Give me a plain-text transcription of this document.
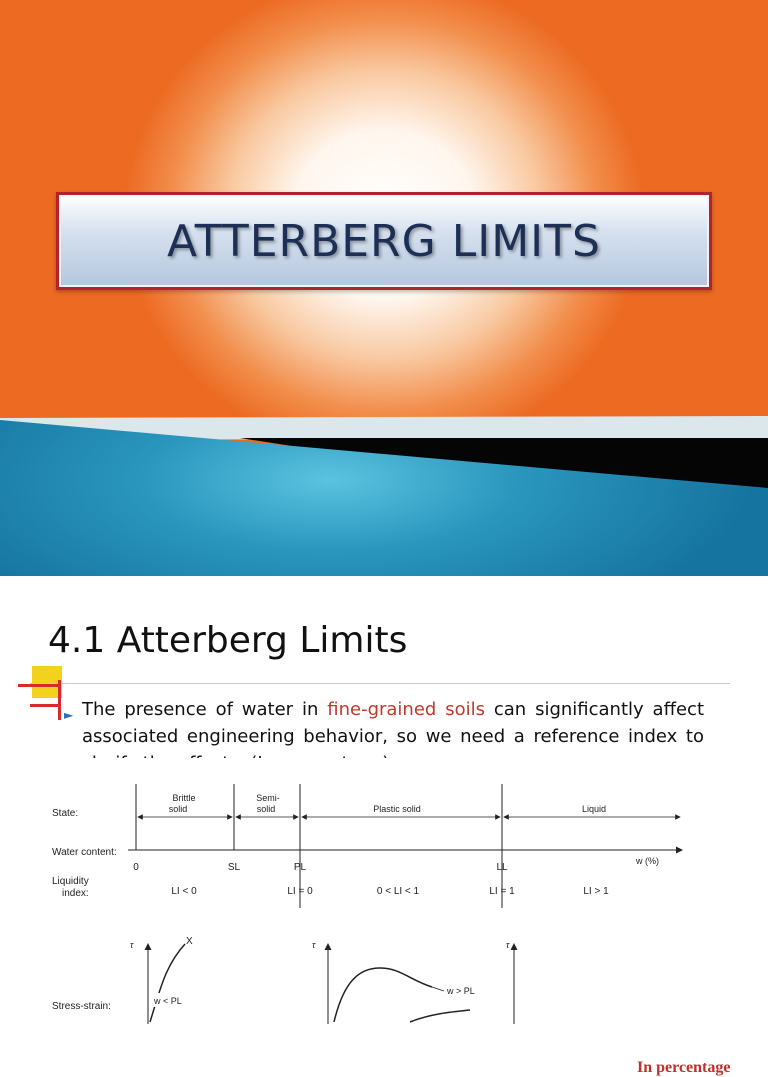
ATTERBERG LIMITS
4.1 Atterberg Limits
► The presence of water in fine-grained soils can significantly affect associated engineering behavior, so we need a reference index to
State:
Water content:
Liquidity
index:
Stress-strain:
Brittle
solid
Semi-
solid	Plastic solid	Liquid
0	SL	PL	LL
w (%)
LI < 0	LI = 0	0 < LI < 1	LI = 1	LI > 1
τ	X
w < PL
τ
w > PL
τ
In percentage
